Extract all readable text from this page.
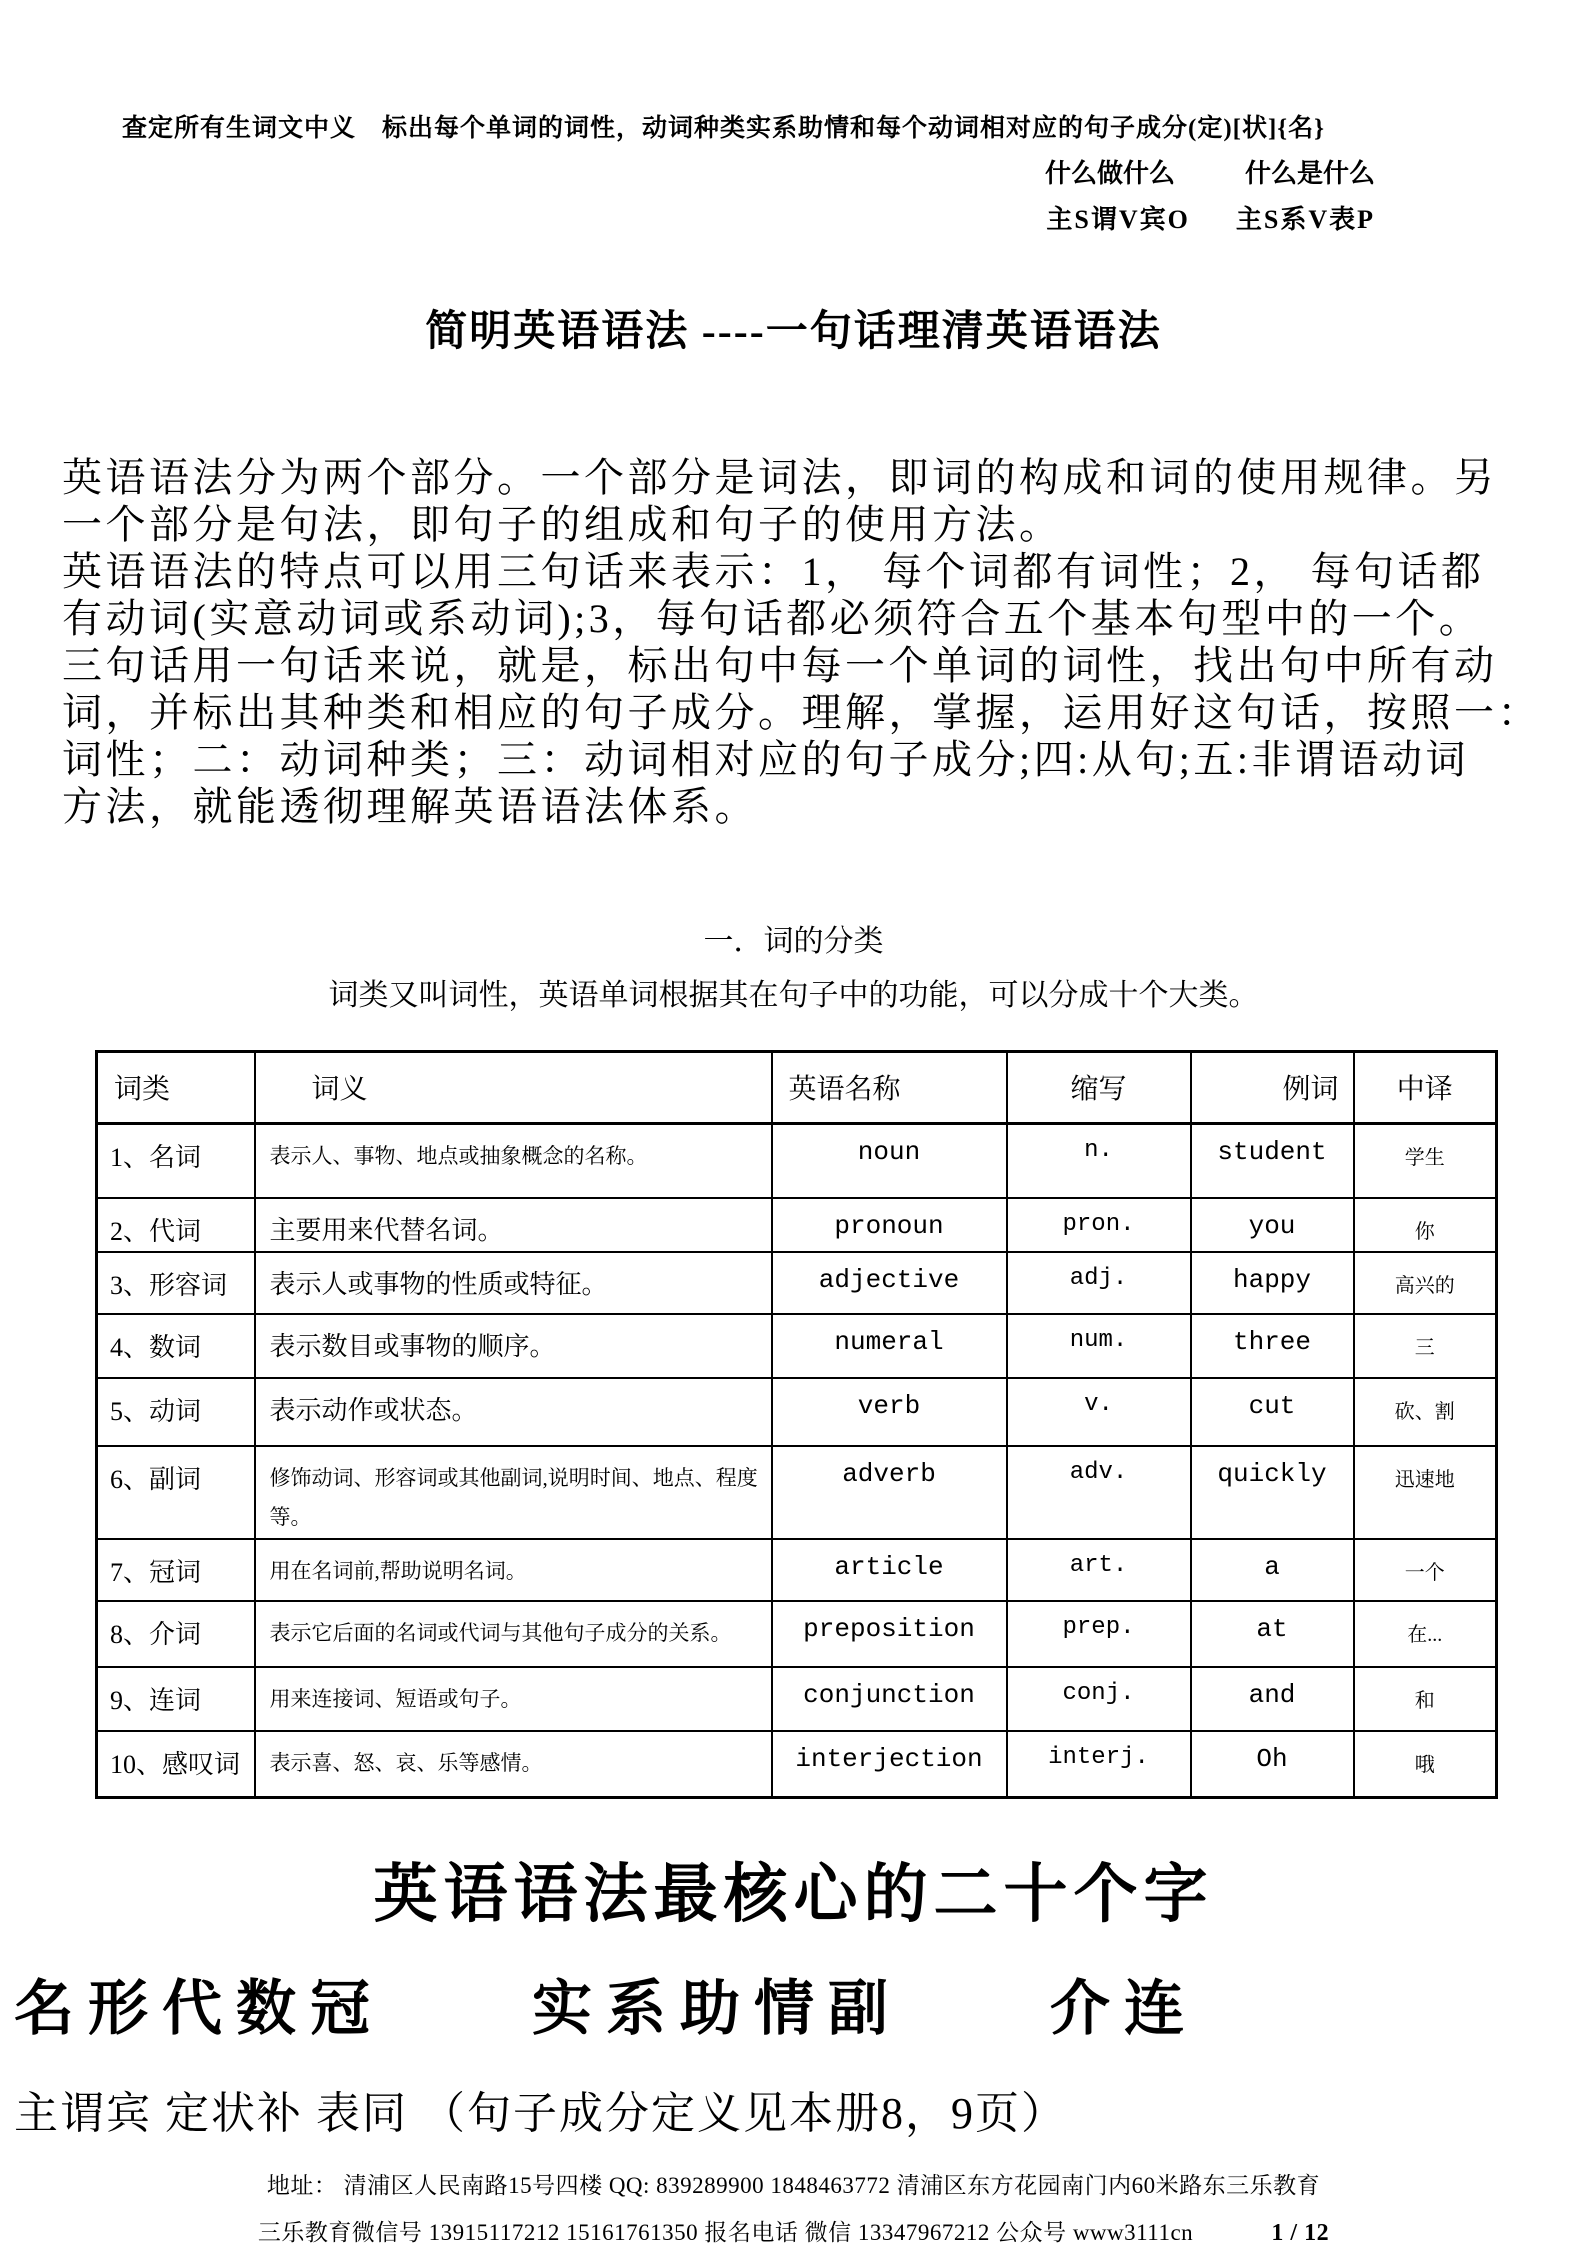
查定所有生词文中义　标出每个单词的词性，动词种类实系助情和每个动词相对应的句子成分(定)[状]{名}
什么做什么	什么是什么
主S谓V宾O 主S系V表P
简明英语语法 ----一句话理清英语语法
英语语法分为两个部分。一个部分是词法，即词的构成和词的使用规律。另
一个部分是句法，即句子的组成和句子的使用方法。
英语语法的特点可以用三句话来表示：1， 每个词都有词性；2， 每句话都
有动词(实意动词或系动词);3，每句话都必须符合五个基本句型中的一个。
三句话用一句话来说，就是，标出句中每一个单词的词性，找出句中所有动
词，并标出其种类和相应的句子成分。理解，掌握，运用好这句话，按照一：
词性；二：动词种类；三：动词相对应的句子成分;四:从句;五:非谓语动词
方法，就能透彻理解英语语法体系。
一．词的分类
词类又叫词性，英语单词根据其在句子中的功能，可以分成十个大类。
词类	词义	英语名称	缩写	例词	中译
1、名词	表示人、事物、地点或抽象概念的名称。	noun	n.	student	学生
2、代词	主要用来代替名词。	pronoun	pron.	you	你
3、形容词	表示人或事物的性质或特征。	adjective	adj.	happy	高兴的
4、数词	表示数目或事物的顺序。	numeral	num.	three	三
5、动词	表示动作或状态。	verb	v.	cut	砍、割
6、副词	修饰动词、形容词或其他副词,说明时间、地点、程度等。	adverb	adv.	quickly	迅速地
7、冠词	用在名词前,帮助说明名词。	article	art.	a	一个
8、介词	表示它后面的名词或代词与其他句子成分的关系。	preposition	prep.	at	在...
9、连词	用来连接词、短语或句子。	conjunction	conj.	and	和
10、感叹词	表示喜、怒、哀、乐等感情。	interjection	interj.	Oh	哦
英语语法最核心的二十个字
名形代数冠　　实系助情副　　介连
主谓宾 定状补 表同 （句子成分定义见本册8，9页）
地址： 清浦区人民南路15号四楼 QQ: 839289900 1848463772 清浦区东方花园南门内60米路东三乐教育
三乐教育微信号 13915117212 15161761350 报名电话 微信 13347967212 公众号 www3111cn	1 / 12
